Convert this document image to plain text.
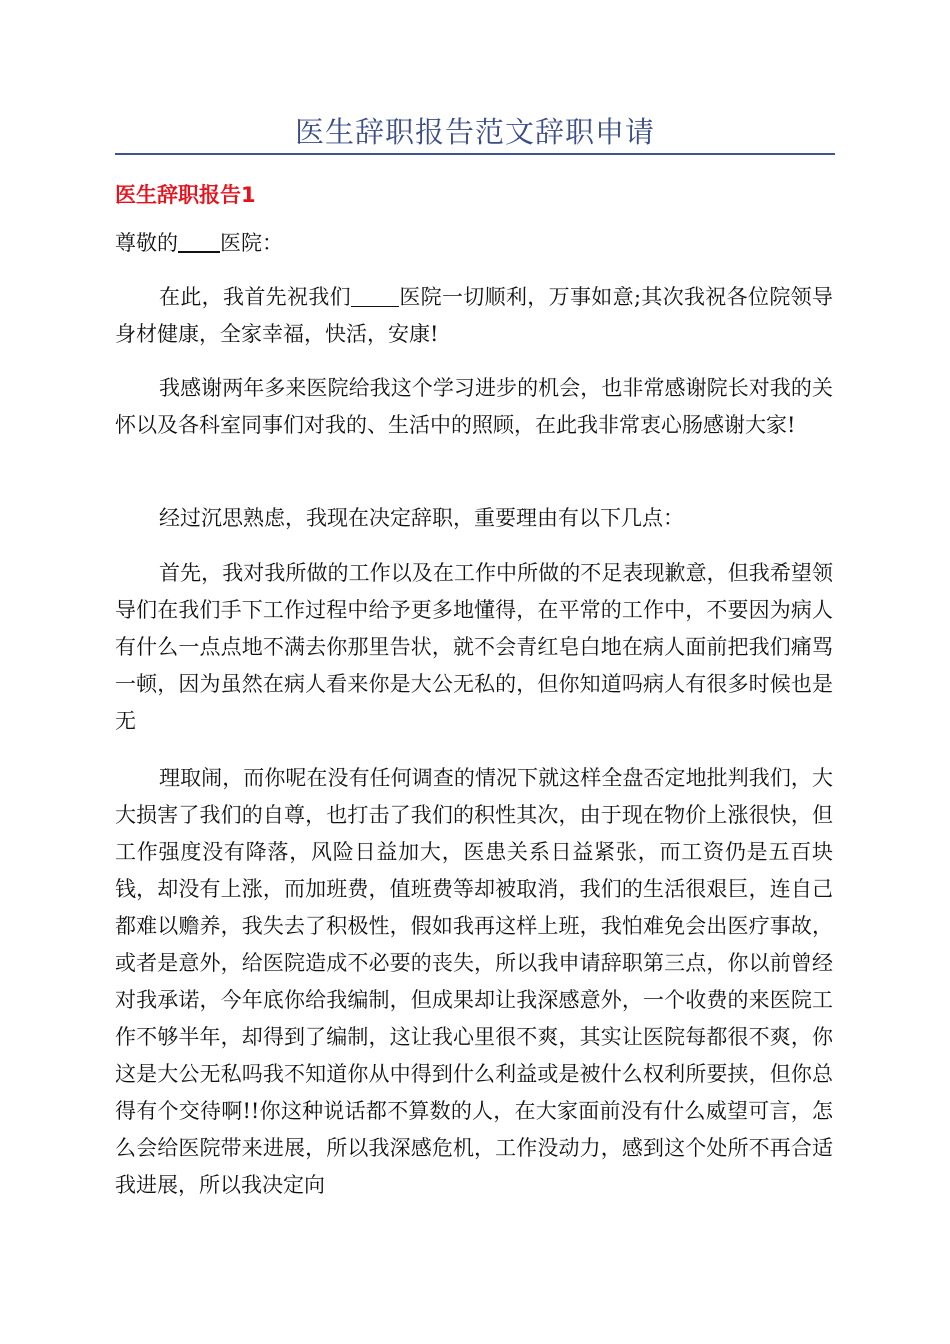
医生辞职报告范文辞职申请
医生辞职报告1
尊敬的 医院：

在此，我首先祝我们 医院一切顺利，万事如意;其次我祝各位院领导身材健康，全家幸福，快活，安康!

我感谢两年多来医院给我这个学习进步的机会，也非常感谢院长对我的关怀以及各科室同事们对我的、生活中的照顾，在此我非常衷心肠感谢大家!

经过沉思熟虑，我现在决定辞职，重要理由有以下几点：

首先，我对我所做的工作以及在工作中所做的不足表现歉意，但我希望领导们在我们手下工作过程中给予更多地懂得，在平常的工作中，不要因为病人有什么一点点地不满去你那里告状，就不会青红皂白地在病人面前把我们痛骂一顿，因为虽然在病人看来你是大公无私的，但你知道吗病人有很多时候也是无

理取闹，而你呢在没有任何调查的情况下就这样全盘否定地批判我们，大大损害了我们的自尊，也打击了我们的积性其次，由于现在物价上涨很快，但工作强度没有降落，风险日益加大，医患关系日益紧张，而工资仍是五百块钱，却没有上涨，而加班费，值班费等却被取消，我们的生活很艰巨，连自己都难以赡养，我失去了积极性，假如我再这样上班，我怕难免会出医疗事故，或者是意外，给医院造成不必要的丧失，所以我申请辞职第三点，你以前曾经对我承诺，今年底你给我编制，但成果却让我深感意外，一个收费的来医院工作不够半年，却得到了编制，这让我心里很不爽，其实让医院每都很不爽，你这是大公无私吗我不知道你从中得到什么利益或是被什么权利所要挟，但你总得有个交待啊!!你这种说话都不算数的人，在大家面前没有什么威望可言，怎么会给医院带来进展，所以我深感危机，工作没动力，感到这个处所不再合适我进展，所以我决定向
